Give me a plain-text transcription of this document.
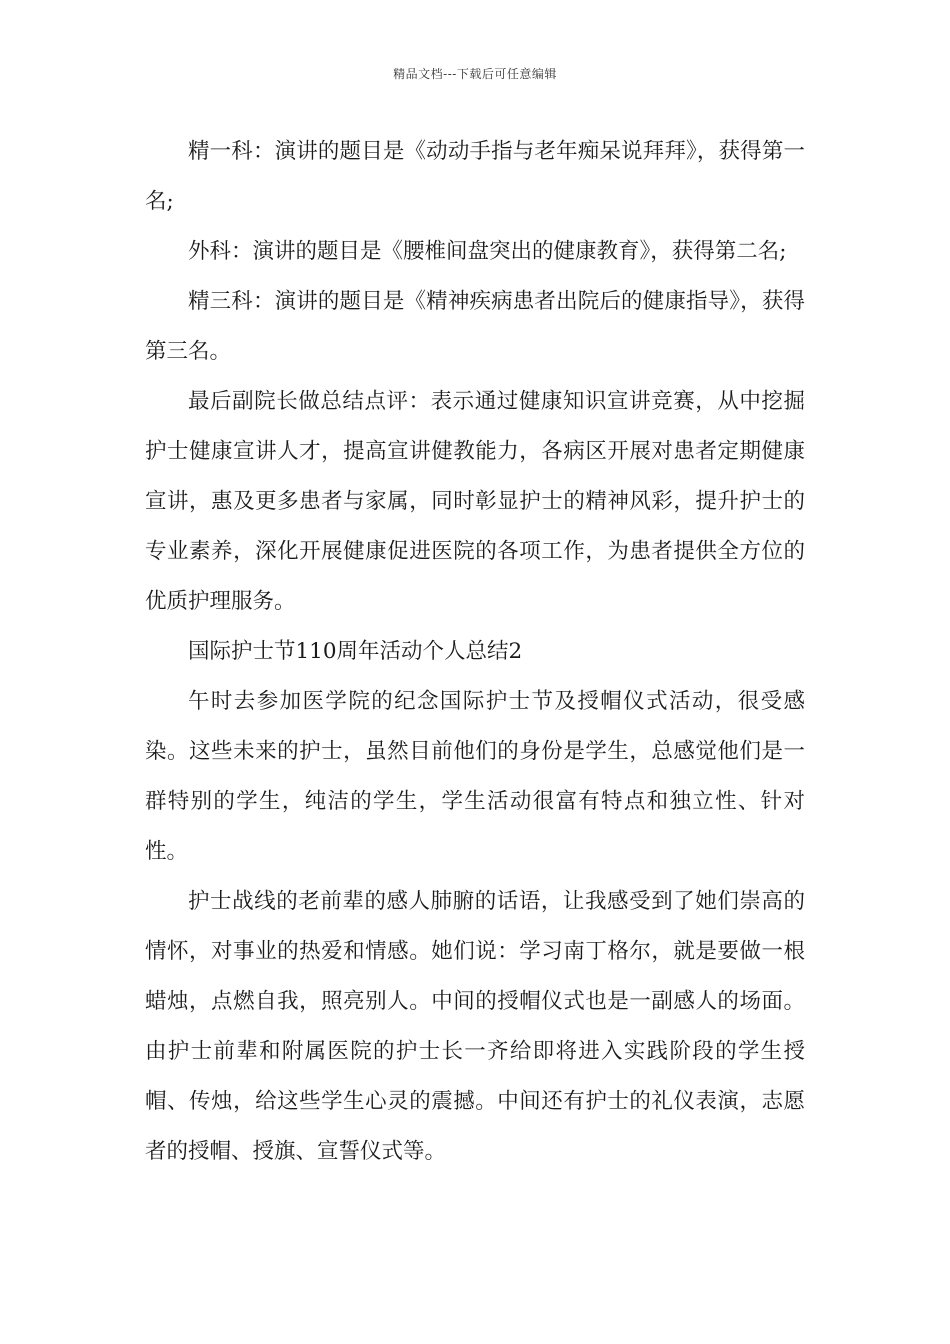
精品文档---下载后可任意编辑

精一科：演讲的题目是《动动手指与老年痴呆说拜拜》，获得第一名;

外科：演讲的题目是《腰椎间盘突出的健康教育》，获得第二名;

精三科：演讲的题目是《精神疾病患者出院后的健康指导》，获得第三名。

最后副院长做总结点评：表示通过健康知识宣讲竞赛，从中挖掘护士健康宣讲人才，提高宣讲健教能力，各病区开展对患者定期健康宣讲，惠及更多患者与家属，同时彰显护士的精神风彩，提升护士的专业素养，深化开展健康促进医院的各项工作，为患者提供全方位的优质护理服务。

国际护士节110周年活动个人总结2

午时去参加医学院的纪念国际护士节及授帽仪式活动，很受感染。这些未来的护士，虽然目前他们的身份是学生，总感觉他们是一群特别的学生，纯洁的学生，学生活动很富有特点和独立性、针对性。

护士战线的老前辈的感人肺腑的话语，让我感受到了她们崇高的情怀，对事业的热爱和情感。她们说：学习南丁格尔，就是要做一根蜡烛，点燃自我，照亮别人。中间的授帽仪式也是一副感人的场面。由护士前辈和附属医院的护士长一齐给即将进入实践阶段的学生授帽、传烛，给这些学生心灵的震撼。中间还有护士的礼仪表演，志愿者的授帽、授旗、宣誓仪式等。
